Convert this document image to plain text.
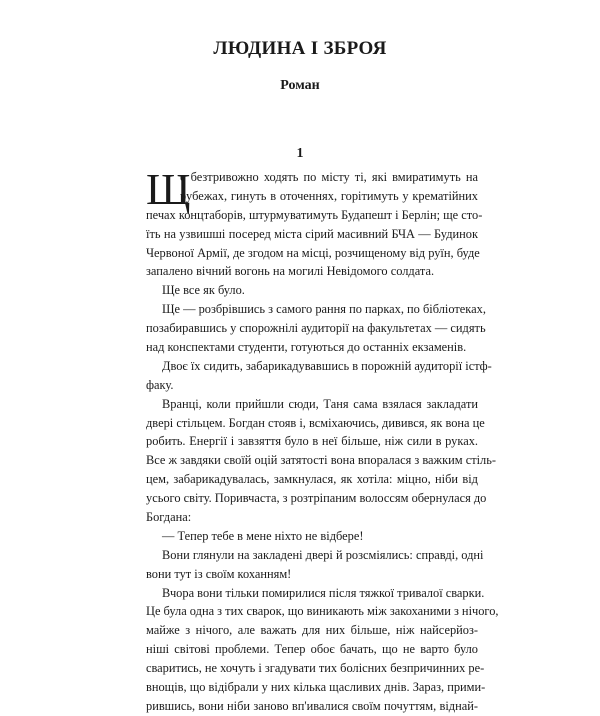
ЛЮДИНА І ЗБРОЯ
Роман
1
Щ
е безтривожно ходять по місту ті, які вмиратимуть на
рубежах, гинуть в оточеннях, горітимуть у крематійних
печах концтаборів, штурмуватимуть Будапешт і Берлін; ще сто-
їть на узвишші посеред міста сірий масивний БЧА — Будинок
Червоної Армії, де згодом на місці, розчищеному від руїн, буде
запалено вічний вогонь на могилі Невідомого солдата.
Ще все як було.
Ще — розбрівшись з самого рання по парках, по бібліотеках,
позабиравшись у спорожнілі аудиторії на факультетах — сидять
над конспектами студенти, готуються до останніх екзаменів.
Двоє їх сидить, забарикадувавшись в порожній аудиторії істф-
факу.
Вранці, коли прийшли сюди, Таня сама взялася закладати
двері стільцем. Богдан стояв і, всміхаючись, дивився, як вона це
робить. Енергії і завзяття було в неї більше, ніж сили в руках.
Все ж завдяки своїй оцій затятості вона впоралася з важким стіль-
цем, забарикадувалась, замкнулася, як хотіла: міцно, ніби від
усього світу. Поривчаста, з розтріпаним волоссям обернулася до
Богдана:
— Тепер тебе в мене ніхто не відбере!
Вони глянули на закладені двері й розсміялись: справді, одні
вони тут із своїм коханням!
Вчора вони тільки помирилися після тяжкої тривалої сварки.
Це була одна з тих сварок, що виникають між закоханими з нічого,
майже з нічого, але важать для них більше, ніж найсерйоз-
ніші світові проблеми. Тепер обоє бачать, що не варто було
сваритись, не хочуть і згадувати тих болісних безпричинних ре-
внощів, що відібрали у них кілька щасливих днів. Зараз, прими-
рившись, вони ніби заново вп'ивалися своїм почуттям, віднай-
